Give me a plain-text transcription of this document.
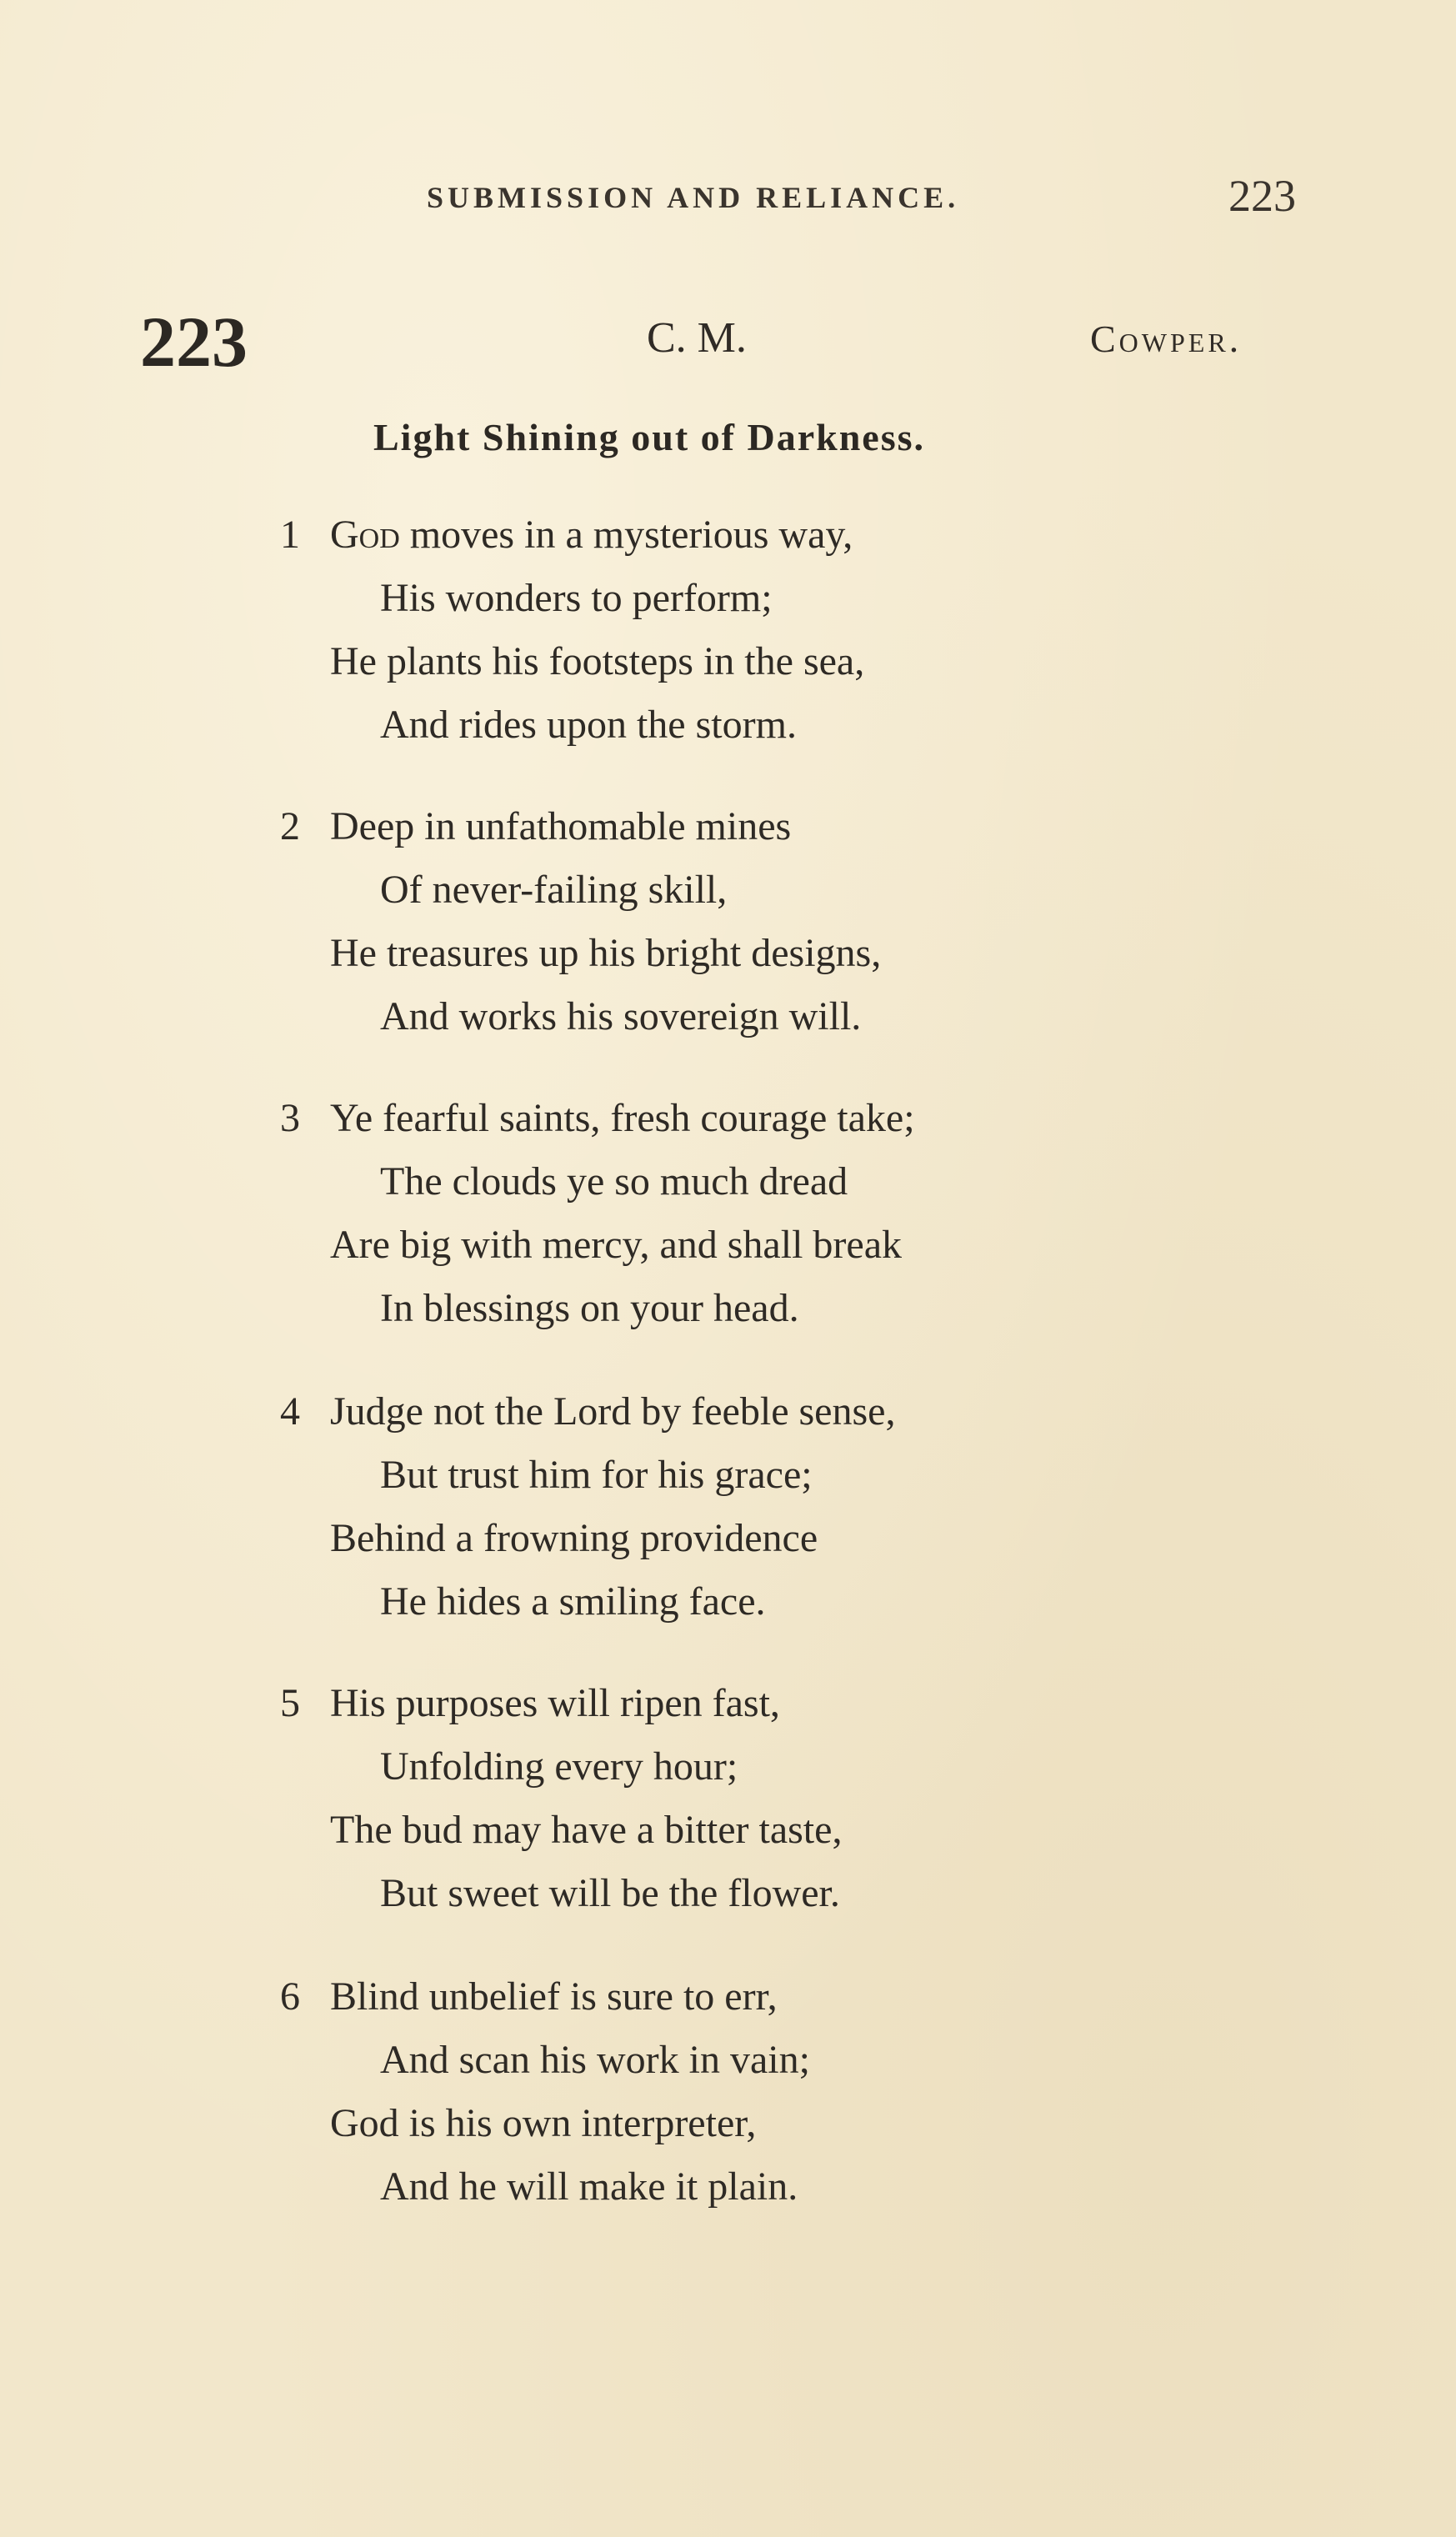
SUBMISSION AND RELIANCE.	223
223	C. M.	Cowper.
Light Shining out of Darkness.
1 God moves in a mysterious way,
His wonders to perform;
He plants his footsteps in the sea,
And rides upon the storm.
2 Deep in unfathomable mines
Of never-failing skill,
He treasures up his bright designs,
And works his sovereign will.
3 Ye fearful saints, fresh courage take;
The clouds ye so much dread
Are big with mercy, and shall break
In blessings on your head.
4 Judge not the Lord by feeble sense,
But trust him for his grace;
Behind a frowning providence
He hides a smiling face.
5 His purposes will ripen fast,
Unfolding every hour;
The bud may have a bitter taste,
But sweet will be the flower.
6 Blind unbelief is sure to err,
And scan his work in vain;
God is his own interpreter,
And he will make it plain.
